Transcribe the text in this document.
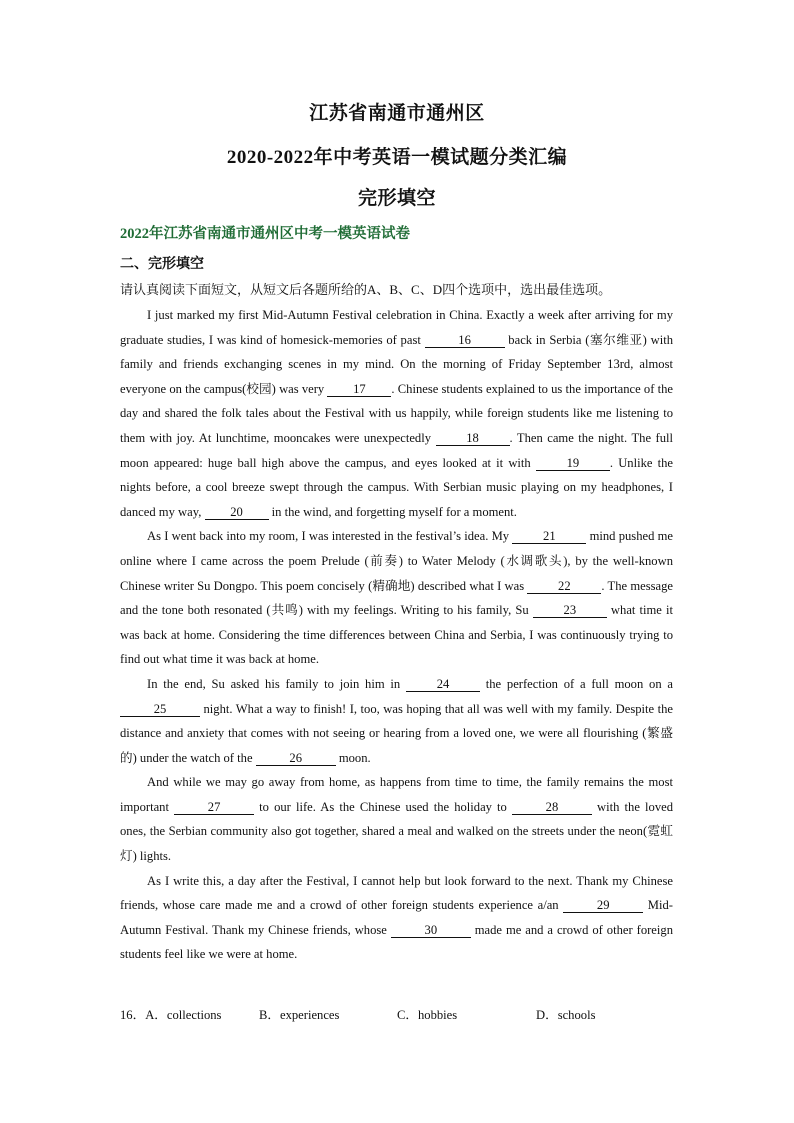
江苏省南通市通州区
2020-2022年中考英语一模试题分类汇编
完形填空
2022年江苏省南通市通州区中考一模英语试卷
二、完形填空
请认真阅读下面短文，从短文后各题所给的A、B、C、D四个选项中，选出最佳选项。

I just marked my first Mid-Autumn Festival celebration in China. Exactly a week after arriving for my graduate studies, I was kind of homesick-memories of past	16	back in Serbia (塞尔维亚) with family and friends exchanging scenes in my mind. On the morning of Friday September 13rd, almost everyone on the campus(校园) was very 17 . Chinese students explained to us the importance of the day and shared the folk tales about the Festival with us happily, while foreign students like me listening to them with joy. At lunchtime, mooncakes were unexpectedly 18 . Then came the night. The full moon appeared: huge ball high above the campus, and eyes looked at it with 19 . Unlike the nights before, a cool breeze swept through the campus. With Serbian music playing on my headphones, I danced my way, 20 in the wind, and forgetting myself for a moment.

As I went back into my room, I was interested in the festival’s idea. My 21 mind pushed me online where I came across the poem Prelude (前奏) to Water Melody (水调歌头), by the well-known Chinese writer Su Dongpo. This poem concisely (精确地) described what I was 22 . The message and the tone both resonated (共鸣) with my feelings. Writing to his family, Su 23 what time it was back at home. Considering the time differences between China and Serbia, I was continuously trying to find out what time it was back at home.

In the end, Su asked his family to join him in 24 the perfection of a full moon on a 25	night. What a way to finish! I, too, was hoping that all was well with my family. Despite the distance and anxiety that comes with not seeing or hearing from a loved one, we were all flourishing (繁盛的) under the watch of the	26	moon.

And while we may go away from home, as happens from time to time, the family remains the most important	27	to our life. As the Chinese used the holiday to	28	with the loved ones, the Serbian community also got together, shared a meal and walked on the streets under the neon(霓虹灯) lights.

As I write this, a day after the Festival, I cannot help but look forward to the next. Thank my Chinese friends, whose care made me and a crowd of other foreign students experience a/an	29	Mid-Autumn Festival. Thank my Chinese friends, whose	30	made me and a crowd of other foreign students feel like we were at home.

16．A．collections	B．experiences	C．hobbies	D．schools
